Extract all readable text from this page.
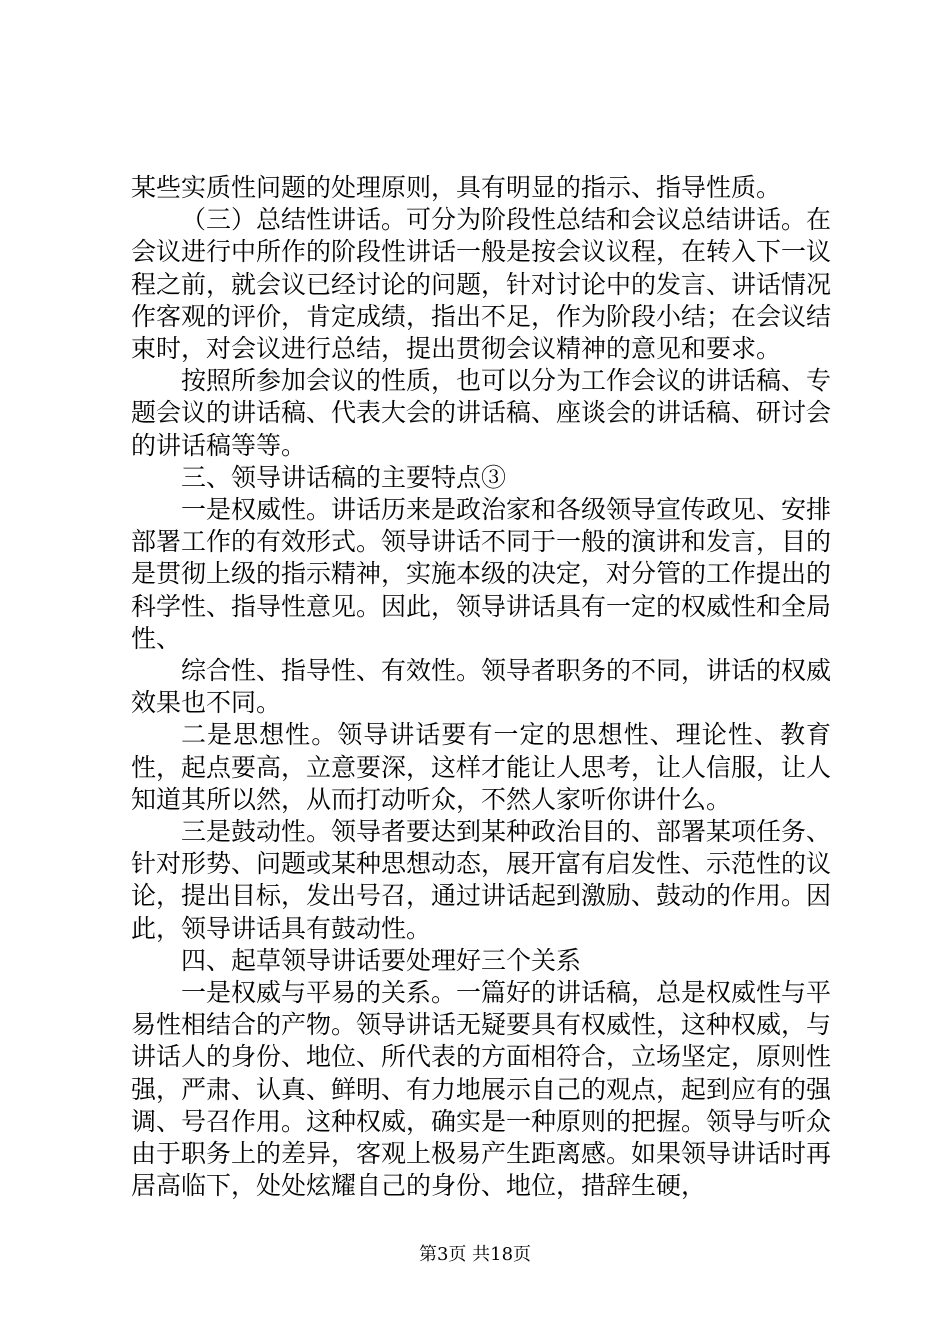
某些实质性问题的处理原则，具有明显的指示、指导性质。

（三）总结性讲话。可分为阶段性总结和会议总结讲话。在会议进行中所作的阶段性讲话一般是按会议议程，在转入下一议程之前，就会议已经讨论的问题，针对讨论中的发言、讲话情况作客观的评价，肯定成绩，指出不足，作为阶段小结；在会议结束时，对会议进行总结，提出贯彻会议精神的意见和要求。

按照所参加会议的性质，也可以分为工作会议的讲话稿、专题会议的讲话稿、代表大会的讲话稿、座谈会的讲话稿、研讨会的讲话稿等等。

三、领导讲话稿的主要特点③

一是权威性。讲话历来是政治家和各级领导宣传政见、安排部署工作的有效形式。领导讲话不同于一般的演讲和发言，目的是贯彻上级的指示精神，实施本级的决定，对分管的工作提出的科学性、指导性意见。因此，领导讲话具有一定的权威性和全局性、

综合性、指导性、有效性。领导者职务的不同，讲话的权威效果也不同。

二是思想性。领导讲话要有一定的思想性、理论性、教育性，起点要高，立意要深，这样才能让人思考，让人信服，让人知道其所以然，从而打动听众，不然人家听你讲什么。

三是鼓动性。领导者要达到某种政治目的、部署某项任务、针对形势、问题或某种思想动态，展开富有启发性、示范性的议论，提出目标，发出号召，通过讲话起到激励、鼓动的作用。因此，领导讲话具有鼓动性。

四、起草领导讲话要处理好三个关系

一是权威与平易的关系。一篇好的讲话稿，总是权威性与平易性相结合的产物。领导讲话无疑要具有权威性，这种权威，与讲话人的身份、地位、所代表的方面相符合，立场坚定，原则性强，严肃、认真、鲜明、有力地展示自己的观点，起到应有的强调、号召作用。这种权威，确实是一种原则的把握。领导与听众由于职务上的差异，客观上极易产生距离感。如果领导讲话时再居高临下，处处炫耀自己的身份、地位，措辞生硬，

第3页 共18页
